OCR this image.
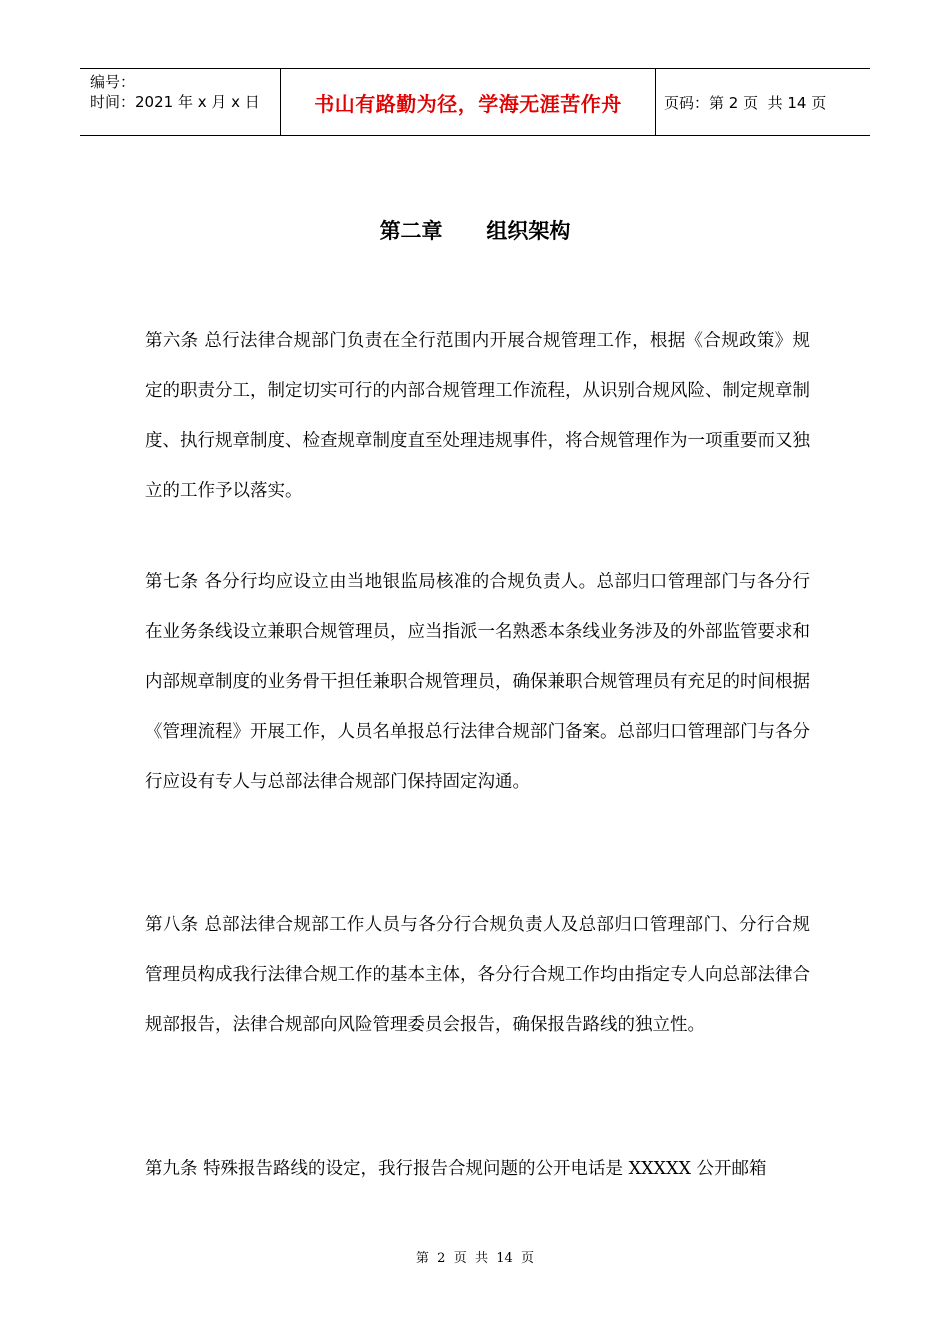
编号：
时间：2021 年 x 月 x 日	书山有路勤为径，学海无涯苦作舟	页码：第 2 页  共 14 页
第二章      组织架构
第六条 总行法律合规部门负责在全行范围内开展合规管理工作，根据《合规政策》规定的职责分工，制定切实可行的内部合规管理工作流程，从识别合规风险、制定规章制度、执行规章制度、检查规章制度直至处理违规事件，将合规管理作为一项重要而又独立的工作予以落实。
第七条 各分行均应设立由当地银监局核准的合规负责人。总部归口管理部门与各分行在业务条线设立兼职合规管理员，应当指派一名熟悉本条线业务涉及的外部监管要求和内部规章制度的业务骨干担任兼职合规管理员，确保兼职合规管理员有充足的时间根据《管理流程》开展工作，人员名单报总行法律合规部门备案。总部归口管理部门与各分行应设有专人与总部法律合规部门保持固定沟通。
第八条 总部法律合规部工作人员与各分行合规负责人及总部归口管理部门、分行合规管理员构成我行法律合规工作的基本主体，各分行合规工作均由指定专人向总部法律合规部报告，法律合规部向风险管理委员会报告，确保报告路线的独立性。
第九条 特殊报告路线的设定，我行报告合规问题的公开电话是 XXXXX 公开邮箱
第  2  页  共  14  页
